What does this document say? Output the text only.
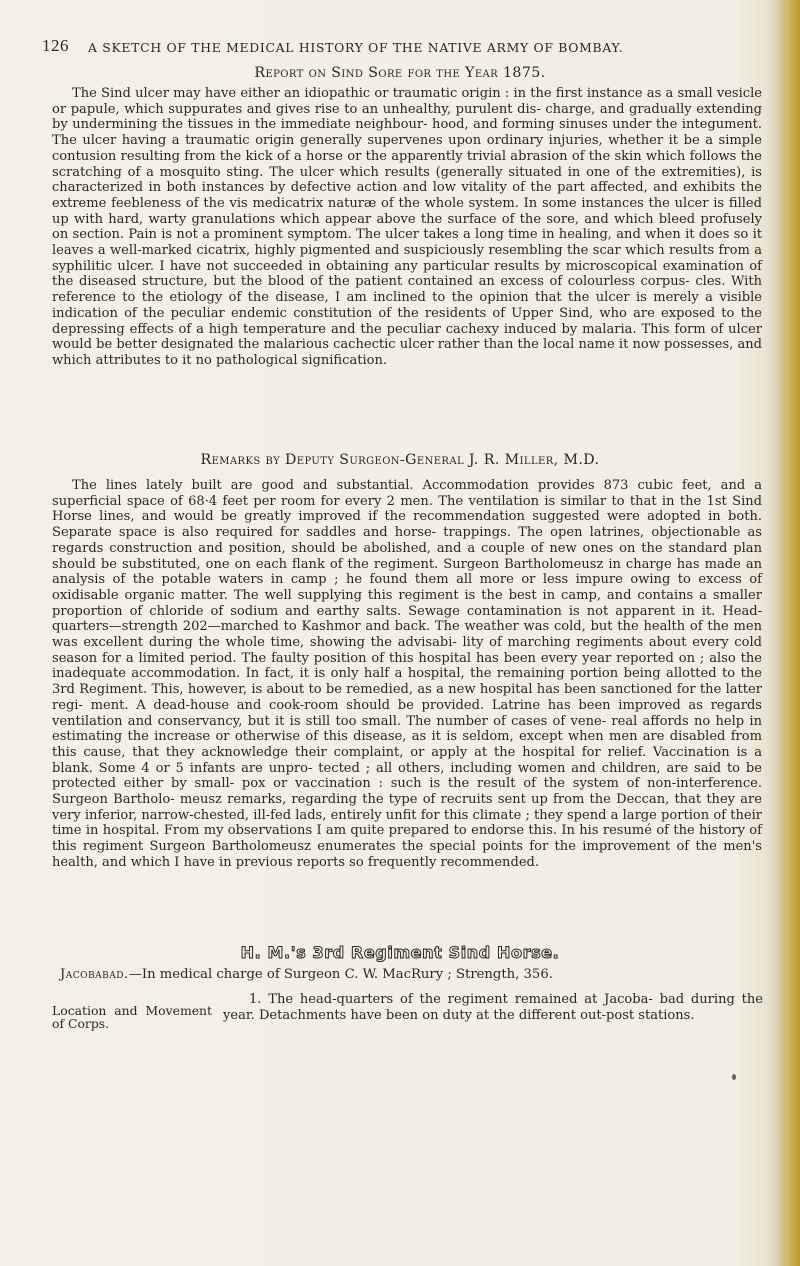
126 A SKETCH OF THE MEDICAL HISTORY OF THE NATIVE ARMY OF BOMBAY.
Report on Sind Sore for the Year 1875.

The Sind ulcer may have either an idiopathic or traumatic origin : in the first instance as a small vesicle or papule, which suppurates and gives rise to an unhealthy, purulent dis- charge, and gradually extending by undermining the tissues in the immediate neighbour- hood, and forming sinuses under the integument. The ulcer having a traumatic origin generally supervenes upon ordinary injuries, whether it be a simple contusion resulting from the kick of a horse or the apparently trivial abrasion of the skin which follows the scratching of a mosquito sting. The ulcer which results (generally situated in one of the extremities), is characterized in both instances by defective action and low vitality of the part affected, and exhibits the extreme feebleness of the vis medicatrix naturæ of the whole system. In some instances the ulcer is filled up with hard, warty granulations which appear above the surface of the sore, and which bleed profusely on section. Pain is not a prominent symptom. The ulcer takes a long time in healing, and when it does so it leaves a well-marked cicatrix, highly pigmented and suspiciously resembling the scar which results from a syphilitic ulcer. I have not succeeded in obtaining any particular results by microscopical examination of the diseased structure, but the blood of the patient contained an excess of colourless corpus- cles. With reference to the etiology of the disease, I am inclined to the opinion that the ulcer is merely a visible indication of the peculiar endemic constitution of the residents of Upper Sind, who are exposed to the depressing effects of a high temperature and the peculiar cachexy induced by malaria. This form of ulcer would be better designated the malarious cachectic ulcer rather than the local name it now possesses, and which attributes to it no pathological signification.

Remarks by Deputy Surgeon-General J. R. Miller, M.D.

The lines lately built are good and substantial. Accommodation provides 873 cubic feet, and a superficial space of 68·4 feet per room for every 2 men. The ventilation is similar to that in the 1st Sind Horse lines, and would be greatly improved if the recommendation suggested were adopted in both. Separate space is also required for saddles and horse- trappings. The open latrines, objectionable as regards construction and position, should be abolished, and a couple of new ones on the standard plan should be substituted, one on each flank of the regiment. Surgeon Bartholomeusz in charge has made an analysis of the potable waters in camp ; he found them all more or less impure owing to excess of oxidisable organic matter. The well supplying this regiment is the best in camp, and contains a smaller proportion of chloride of sodium and earthy salts. Sewage contamination is not apparent in it. Head-quarters—strength 202—marched to Kashmor and back. The weather was cold, but the health of the men was excellent during the whole time, showing the advisabi- lity of marching regiments about every cold season for a limited period. The faulty position of this hospital has been every year reported on ; also the inadequate accommodation. In fact, it is only half a hospital, the remaining portion being allotted to the 3rd Regiment. This, however, is about to be remedied, as a new hospital has been sanctioned for the latter regi- ment. A dead-house and cook-room should be provided. Latrine has been improved as regards ventilation and conservancy, but it is still too small. The number of cases of vene- real affords no help in estimating the increase or otherwise of this disease, as it is seldom, except when men are disabled from this cause, that they acknowledge their complaint, or apply at the hospital for relief. Vaccination is a blank. Some 4 or 5 infants are unpro- tected ; all others, including women and children, are said to be protected either by small- pox or vaccination : such is the result of the system of non-interference. Surgeon Bartholo- meusz remarks, regarding the type of recruits sent up from the Deccan, that they are very inferior, narrow-chested, ill-fed lads, entirely unfit for this climate ; they spend a large portion of their time in hospital. From my observations I am quite prepared to endorse this. In his resumé of the history of this regiment Surgeon Bartholomeusz enumerates the special points for the improvement of the men's health, and which I have in previous reports so frequently recommended.

H. M.'s 3rd Regiment Sind Horse.
Jacobabad.—In medical charge of Surgeon C. W. MacRury ; Strength, 356.
Location and Movement of Corps.

1. The head-quarters of the regiment remained at Jacoba- bad during the year. Detachments have been on duty at the different out-post stations.
